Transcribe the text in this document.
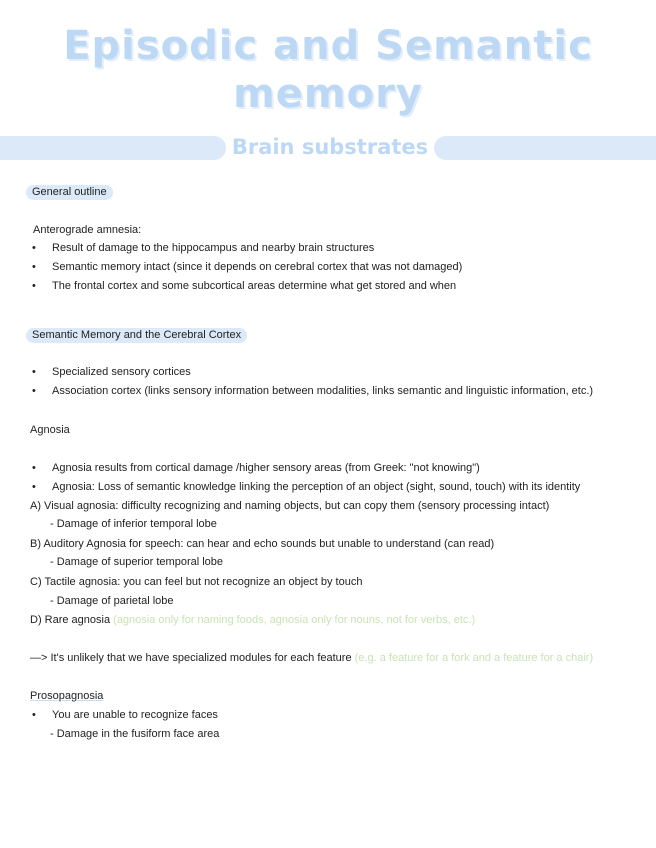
Episodic and Semantic
memory
Brain substrates
General outline
Anterograde amnesia:
• Result of damage to the hippocampus and nearby brain structures
• Semantic memory intact (since it depends on cerebral cortex that was not damaged)
• The frontal cortex and some subcortical areas determine what get stored and when
Semantic Memory and the Cerebral Cortex
• Specialized sensory cortices
• Association cortex (links sensory information between modalities, links semantic and linguistic information, etc.)
Agnosia
• Agnosia results from cortical damage /higher sensory areas (from Greek: "not knowing")
• Agnosia: Loss of semantic knowledge linking the perception of an object (sight, sound, touch) with its identity
A) Visual agnosia: difficulty recognizing and naming objects, but can copy them (sensory processing intact)
- Damage of inferior temporal lobe
B) Auditory Agnosia for speech: can hear and echo sounds but unable to understand (can read)
- Damage of superior temporal lobe
C) Tactile agnosia: you can feel but not recognize an object by touch
- Damage of parietal lobe
D) Rare agnosia (agnosia only for naming foods, agnosia only for nouns, not for verbs, etc.)
—> It's unlikely that we have specialized modules for each feature (e.g. a feature for a fork and a feature for a chair)
Prosopagnosia
• You are unable to recognize faces
- Damage in the fusiform face area
